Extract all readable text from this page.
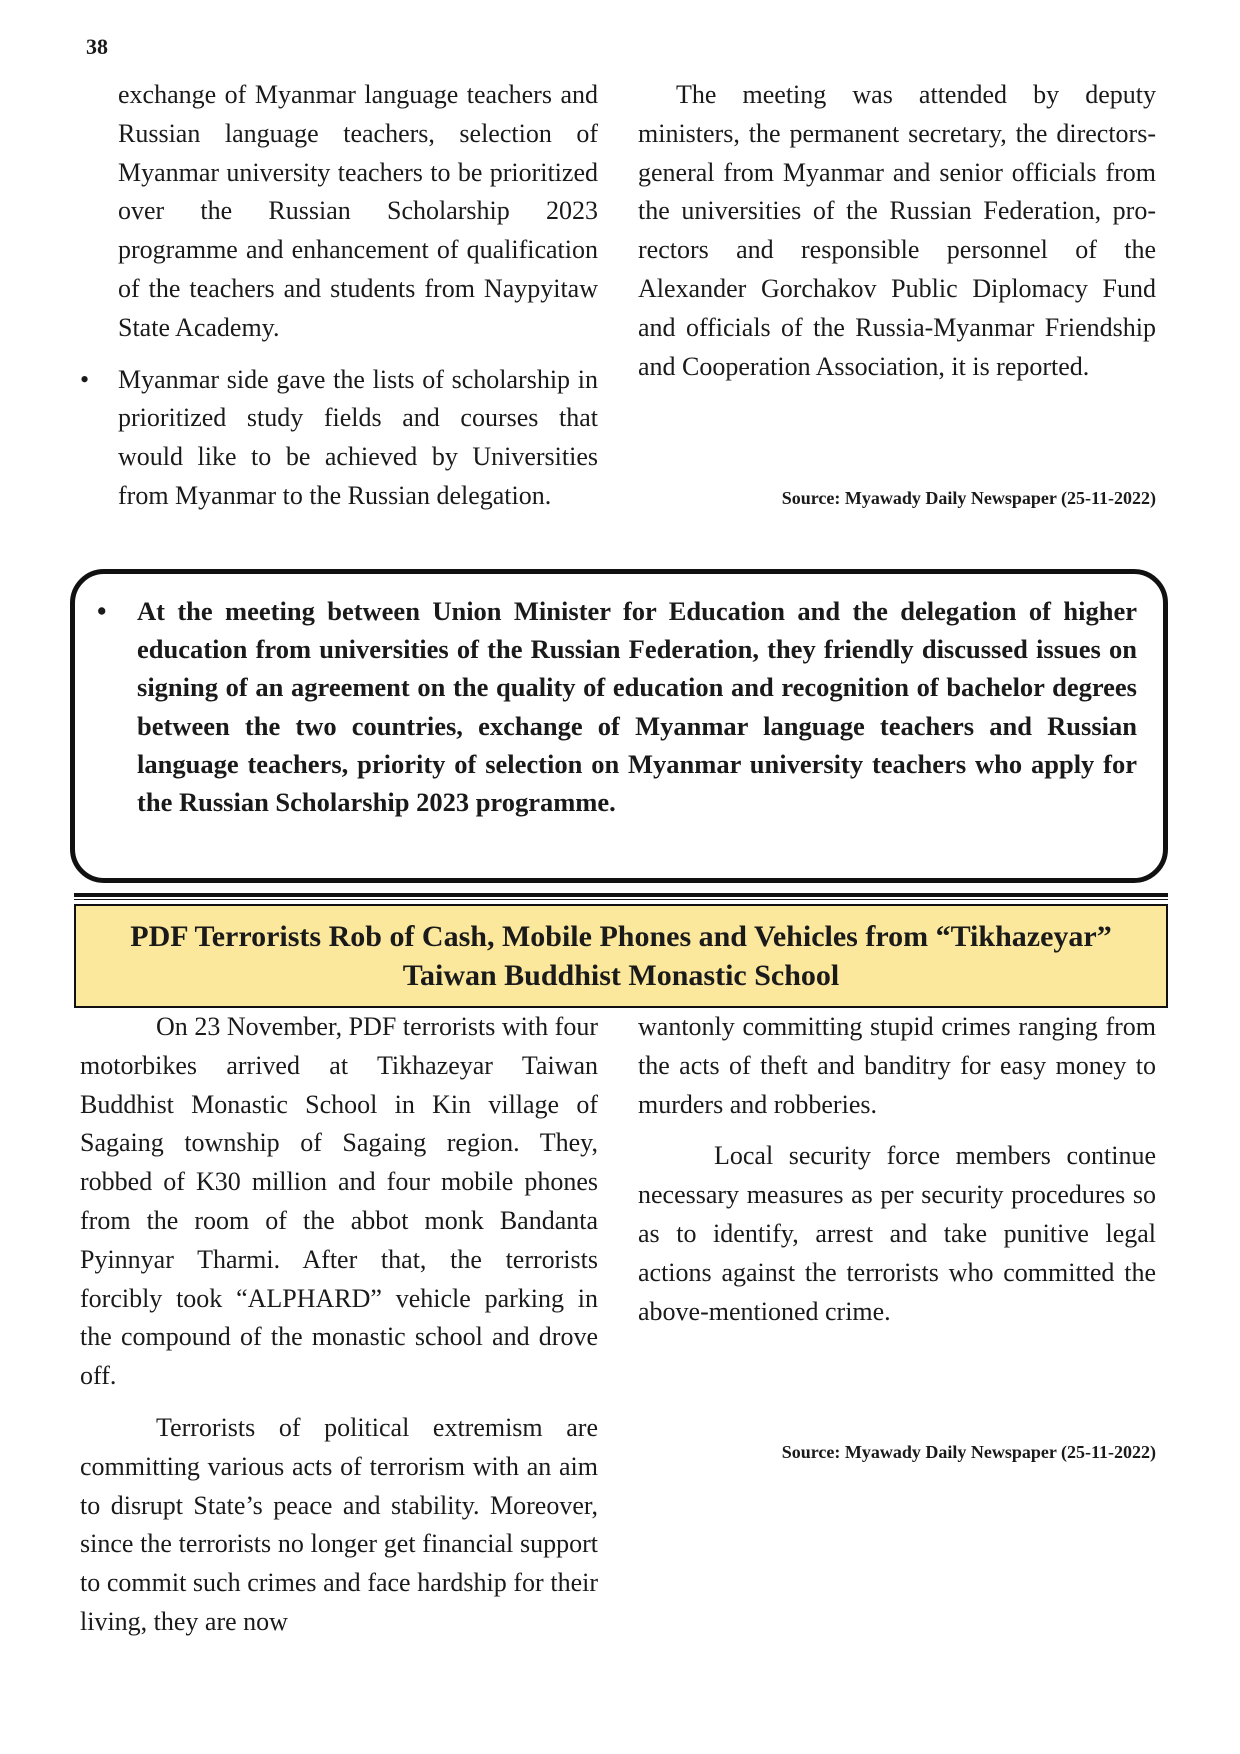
38

exchange of Myanmar language teachers and Russian language teachers, selection of Myanmar university teachers to be prioritized over the Russian Scholarship 2023 programme and enhancement of qualification of the teachers and students from Naypyitaw State Academy.

• Myanmar side gave the lists of scholarship in prioritized study fields and courses that would like to be achieved by Universities from Myanmar to the Russian delegation.

The meeting was attended by deputy ministers, the permanent secretary, the directors-general from Myanmar and senior officials from the universities of the Russian Federation, pro-rectors and responsible personnel of the Alexander Gorchakov Public Diplomacy Fund and officials of the Russia-Myanmar Friendship and Cooperation Association, it is reported.

Source: Myawady Daily Newspaper (25-11-2022)
• At the meeting between Union Minister for Education and the delegation of higher education from universities of the Russian Federation, they friendly discussed issues on signing of an agreement on the quality of education and recognition of bachelor degrees between the two countries, exchange of Myanmar language teachers and Russian language teachers, priority of selection on Myanmar university teachers who apply for the Russian Scholarship 2023 programme.

PDF Terrorists Rob of Cash, Mobile Phones and Vehicles from “Tikhazeyar”
Taiwan Buddhist Monastic School

On 23 November, PDF terrorists with four motorbikes arrived at Tikhazeyar Taiwan Buddhist Monastic School in Kin village of Sagaing township of Sagaing region. They, robbed of K30 million and four mobile phones from the room of the abbot monk Bandanta Pyinnyar Tharmi. After that, the terrorists forcibly took “ALPHARD” vehicle parking in the compound of the monastic school and drove off.

Terrorists of political extremism are committing various acts of terrorism with an aim to disrupt State’s peace and stability. Moreover, since the terrorists no longer get financial support to commit such crimes and face hardship for their living, they are now

wantonly committing stupid crimes ranging from the acts of theft and banditry for easy money to murders and robberies.

Local security force members continue necessary measures as per security procedures so as to identify, arrest and take punitive legal actions against the terrorists who committed the above-mentioned crime.

Source: Myawady Daily Newspaper (25-11-2022)
